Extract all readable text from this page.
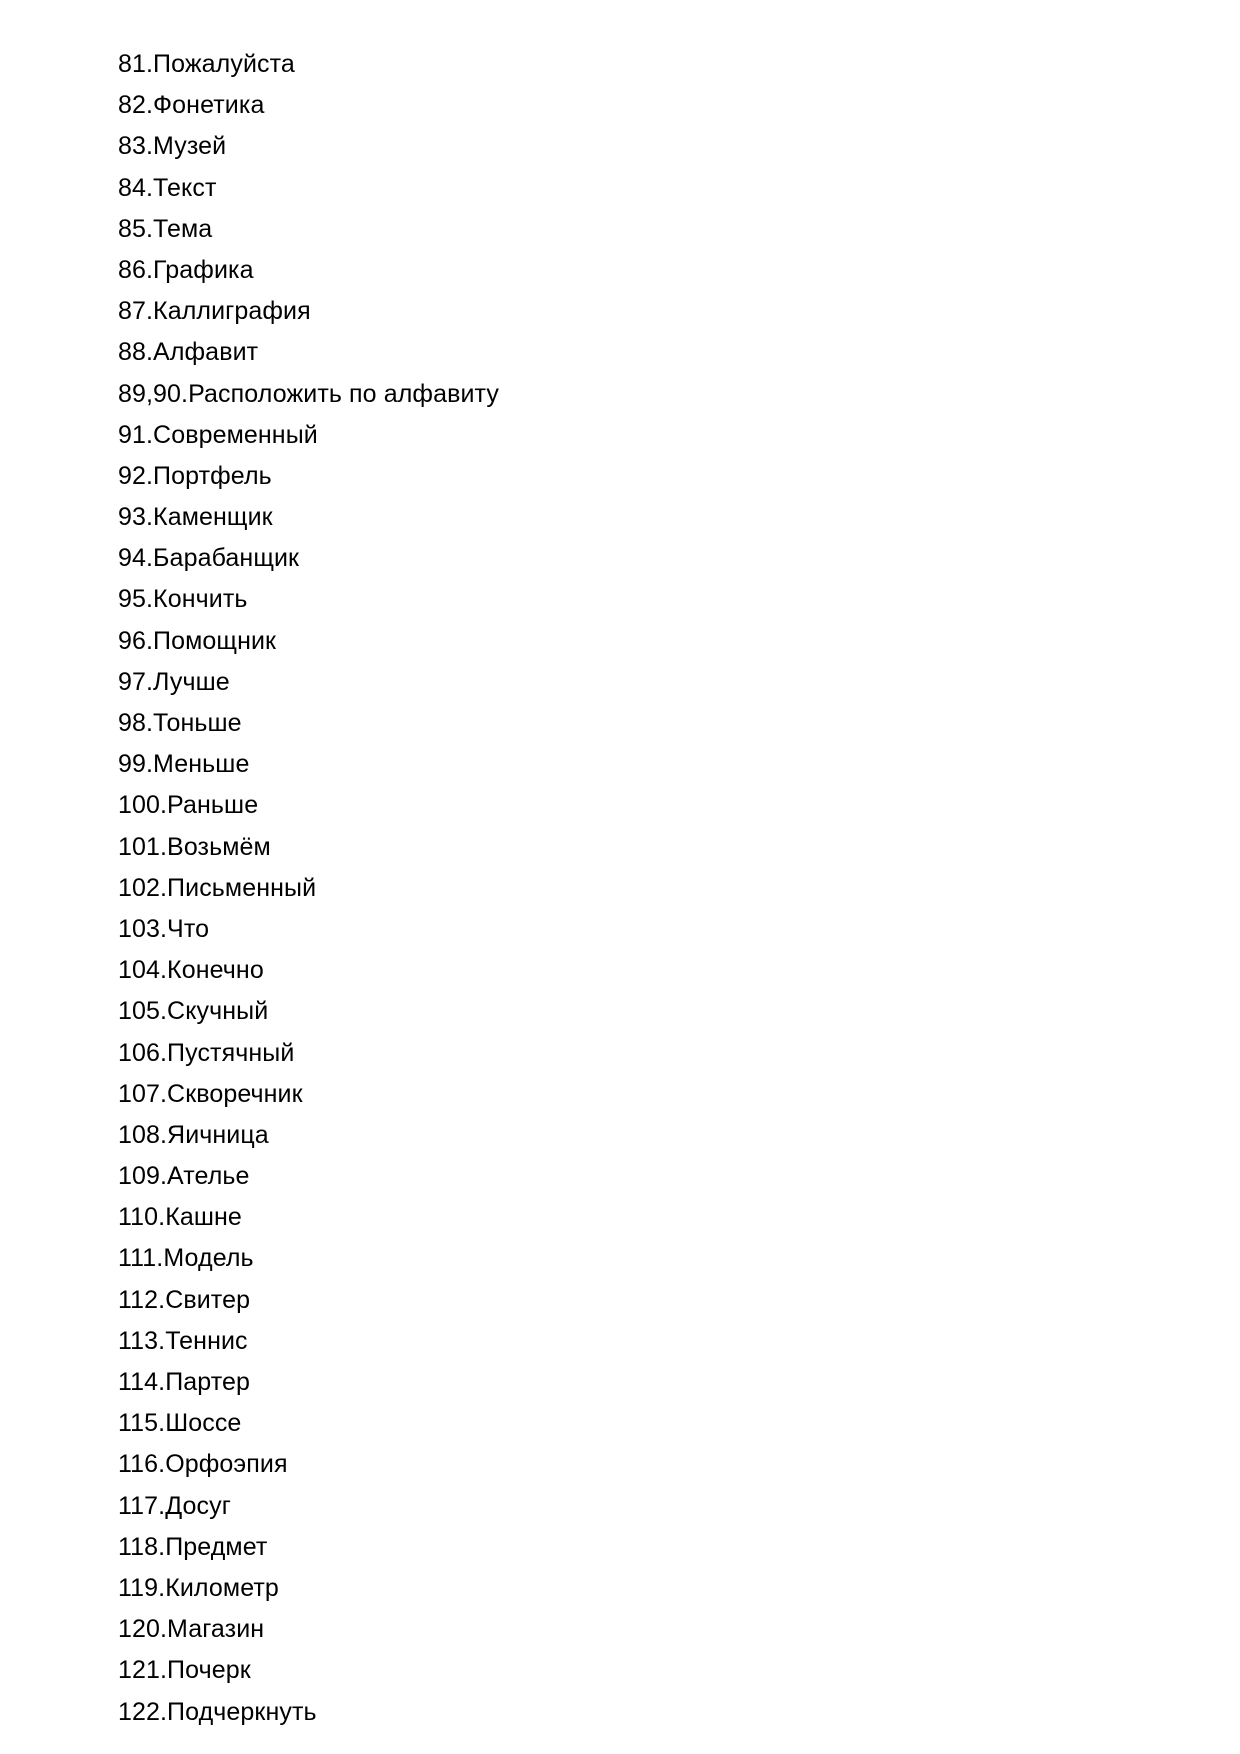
81.Пожалуйста
82.Фонетика
83.Музей
84.Текст
85.Тема
86.Графика
87.Каллиграфия
88.Алфавит
89,90.Расположить по алфавиту
91.Современный
92.Портфель
93.Каменщик
94.Барабанщик
95.Кончить
96.Помощник
97.Лучше
98.Тоньше
99.Меньше
100.Раньше
101.Возьмём
102.Письменный
103.Что
104.Конечно
105.Скучный
106.Пустячный
107.Скворечник
108.Яичница
109.Ателье
110.Кашне
111.Модель
112.Свитер
113.Теннис
114.Партер
115.Шоссе
116.Орфоэпия
117.Досуг
118.Предмет
119.Километр
120.Магазин
121.Почерк
122.Подчеркнуть
